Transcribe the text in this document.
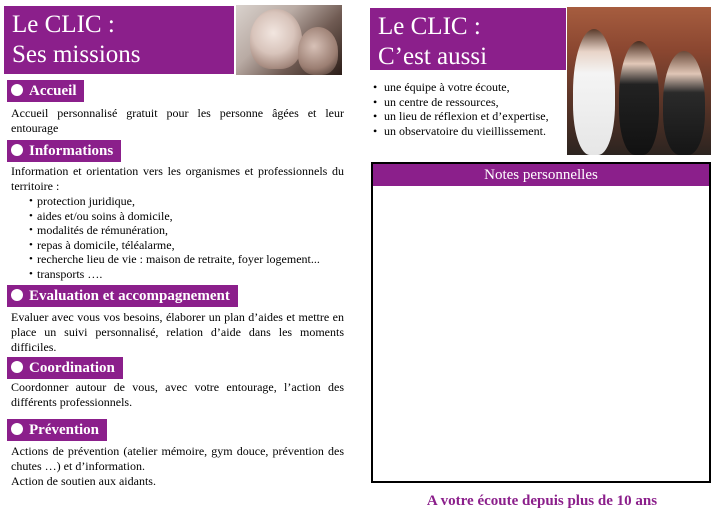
Le CLIC :
Ses missions
Accueil

Accueil personnalisé gratuit pour les personne âgées et leur entourage

Informations

Information et orientation vers les organismes et professionnels du territoire :

• protection juridique,
• aides et/ou soins à domicile,
• modalités de rémunération,
• repas à domicile, téléalarme,
• recherche lieu de vie : maison de retraite, foyer logement...
• transports ….
Evaluation et accompagnement

Evaluer avec vous vos besoins, élaborer un plan d’aides et mettre en place un suivi personnalisé, relation d’aide dans les moments difficiles.

Coordination

Coordonner autour de vous, avec votre entourage, l’action des différents professionnels.

Prévention

Actions de prévention (atelier mémoire, gym douce, prévention des chutes …) et d’information.

Action de soutien aux aidants.

Le CLIC :
C’est aussi
• une équipe à votre écoute,
• un centre de ressources,
• un lieu de réflexion et d’expertise,
• un observatoire du vieillissement.
Notes personnelles
A votre écoute depuis plus de 10 ans
